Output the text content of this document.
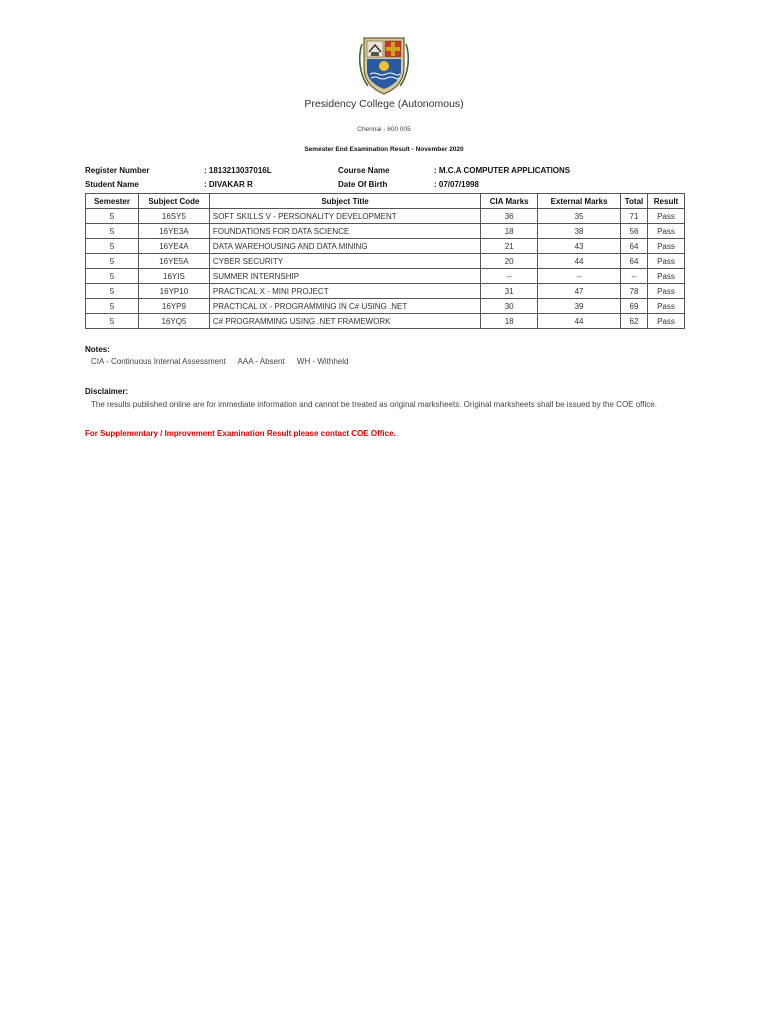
Presidency College (Autonomous)
Chennai - 600 005
Semester End Examination Result - November 2020
Register Number	: 1813213037016L	Course Name	: M.C.A COMPUTER APPLICATIONS
Student Name	: DIVAKAR R	Date Of Birth	: 07/07/1998
Semester	Subject Code	Subject Title	CIA Marks	External Marks	Total	Result
5	16SY5	SOFT SKILLS V - PERSONALITY DEVELOPMENT	36	35	71	Pass
5	16YE3A	FOUNDATIONS FOR DATA SCIENCE	18	38	56	Pass
5	16YE4A	DATA WAREHOUSING AND DATA MINING	21	43	64	Pass
5	16YE5A	CYBER SECURITY	20	44	64	Pass
5	16YIS	SUMMER INTERNSHIP	--	--	--	Pass
5	16YP10	PRACTICAL X - MINI PROJECT	31	47	78	Pass
5	16YP9	PRACTICAL IX - PROGRAMMING IN C# USING .NET	30	39	69	Pass
5	16YQ5	C# PROGRAMMING USING .NET FRAMEWORK	18	44	62	Pass
Notes:
CIA - Continuous Internal Assessment AAA - Absent WH - Withheld
Disclaimer:
The results published online are for immediate information and cannot be treated as original marksheets. Original marksheets shall be issued by the COE office.
For Supplementary / Improvement Examination Result please contact COE Office.
